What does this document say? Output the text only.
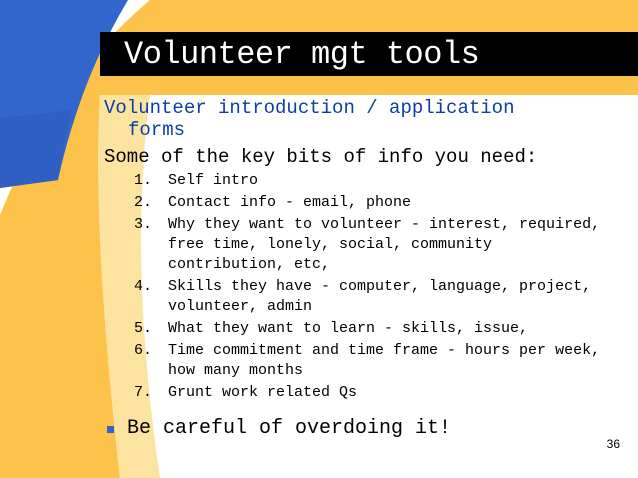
Volunteer mgt tools
Volunteer introduction / application
forms
Some of the key bits of info you need:
1.	Self intro
2.	Contact info - email, phone
3.	Why they want to volunteer - interest, required,
free time, lonely, social, community
contribution, etc,
4.	Skills they have - computer, language, project,
volunteer, admin
5.	What they want to learn - skills, issue,
6.	Time commitment and time frame - hours per week,
how many months
7.	Grunt work related Qs
Be careful of overdoing it!
36
